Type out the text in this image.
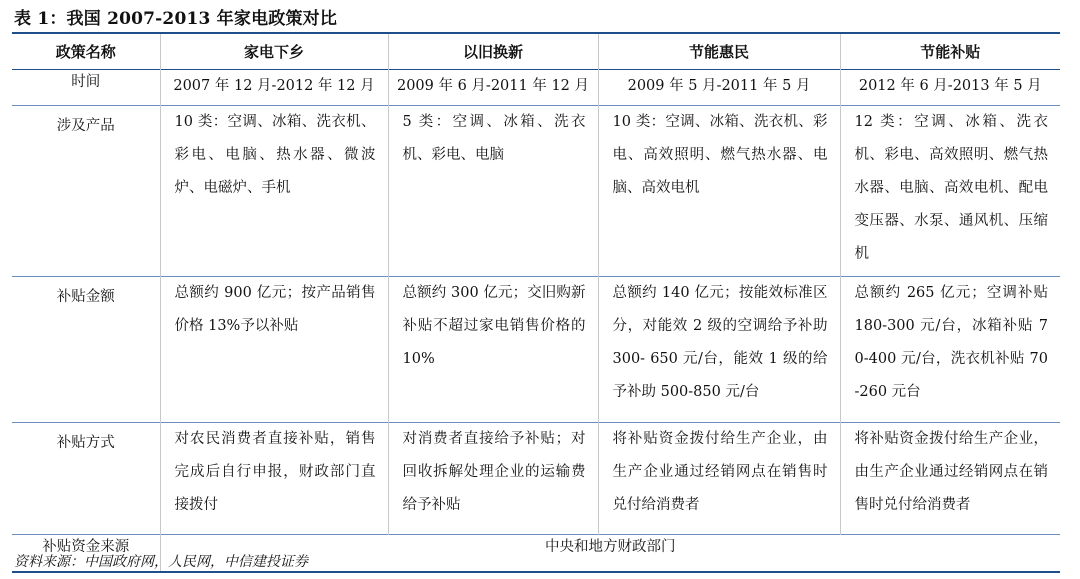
表 1：我国 2007-2013 年家电政策对比
政策名称	家电下乡	以旧换新	节能惠民	节能补贴
时间	2007 年 12 月-2012 年 12 月	2009 年 6 月-2011 年 12 月	2009 年 5 月-2011 年 5 月	2012 年 6 月-2013 年 5 月
涉及产品	10 类：空调、冰箱、洗衣机、彩电、电脑、热水器、微波炉、电磁炉、手机	5 类：空调、冰箱、洗衣机、彩电、电脑	10 类：空调、冰箱、洗衣机、彩电、高效照明、燃气热水器、电脑、高效电机	12 类：空调、冰箱、洗衣机、彩电、高效照明、燃气热水器、电脑、高效电机、配电变压器、水泵、通风机、压缩机
补贴金额	总额约 900 亿元；按产品销售价格 13%予以补贴	总额约 300 亿元；交旧购新补贴不超过家电销售价格的 10%	总额约 140 亿元；按能效标准区分，对能效 2 级的空调给予补助 300- 650 元/台，能效 1 级的给予补助 500-850 元/台	总额约 265 亿元；空调补贴 180-300 元/台，冰箱补贴 70-400 元/台，洗衣机补贴 70-260 元台
补贴方式	对农民消费者直接补贴，销售完成后自行申报，财政部门直接拨付	对消费者直接给予补贴；对回收拆解处理企业的运输费给予补贴	将补贴资金拨付给生产企业，由生产企业通过经销网点在销售时兑付给消费者	将补贴资金拨付给生产企业，由生产企业通过经销网点在销售时兑付给消费者
补贴资金来源	中央和地方财政部门			
资料来源：中国政府网，人民网，中信建投证券
